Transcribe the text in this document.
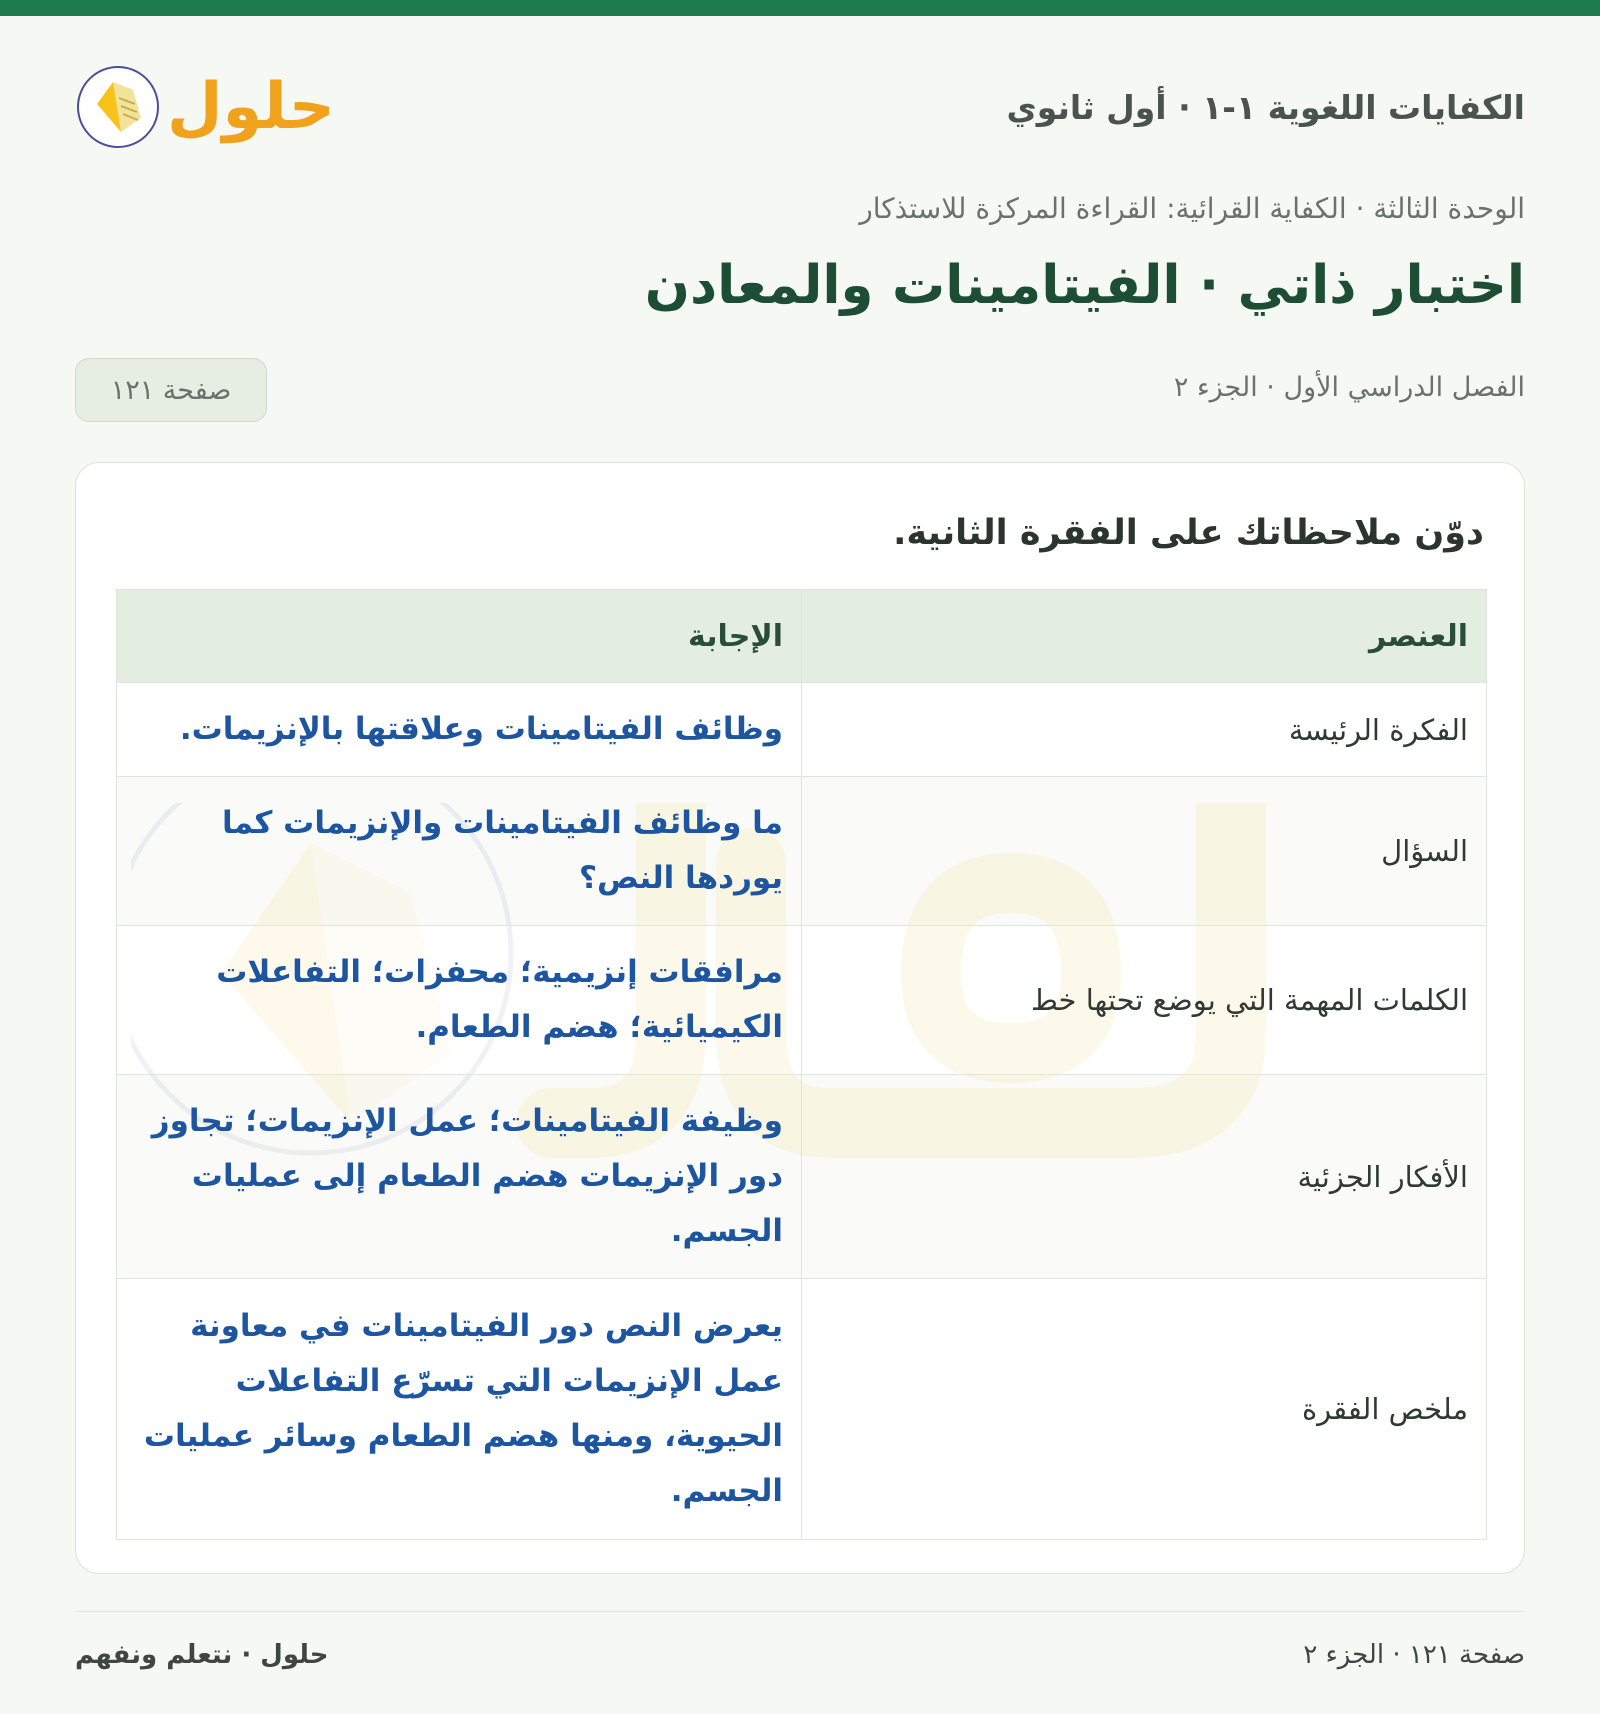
الكفايات اللغوية ١-١ · أول ثانوي
حلول
الوحدة الثالثة · الكفاية القرائية: القراءة المركزة للاستذكار
اختبار ذاتي · الفيتامينات والمعادن
الفصل الدراسي الأول · الجزء ٢
صفحة ١٢١
دوّن ملاحظاتك على الفقرة الثانية.
العنصر	الإجابة
الفكرة الرئيسة	وظائف الفيتامينات وعلاقتها بالإنزيمات.
السؤال	ما وظائف الفيتامينات والإنزيمات كما يوردها النص؟
الكلمات المهمة التي يوضع تحتها خط	مرافقات إنزيمية؛ محفزات؛ التفاعلات الكيميائية؛ هضم الطعام.
الأفكار الجزئية	وظيفة الفيتامينات؛ عمل الإنزيمات؛ تجاوز دور الإنزيمات هضم الطعام إلى عمليات الجسم.
ملخص الفقرة	يعرض النص دور الفيتامينات في معاونة عمل الإنزيمات التي تسرّع التفاعلات الحيوية، ومنها هضم الطعام وسائر عمليات الجسم.
صفحة ١٢١ · الجزء ٢
حلول · نتعلم ونفهم
